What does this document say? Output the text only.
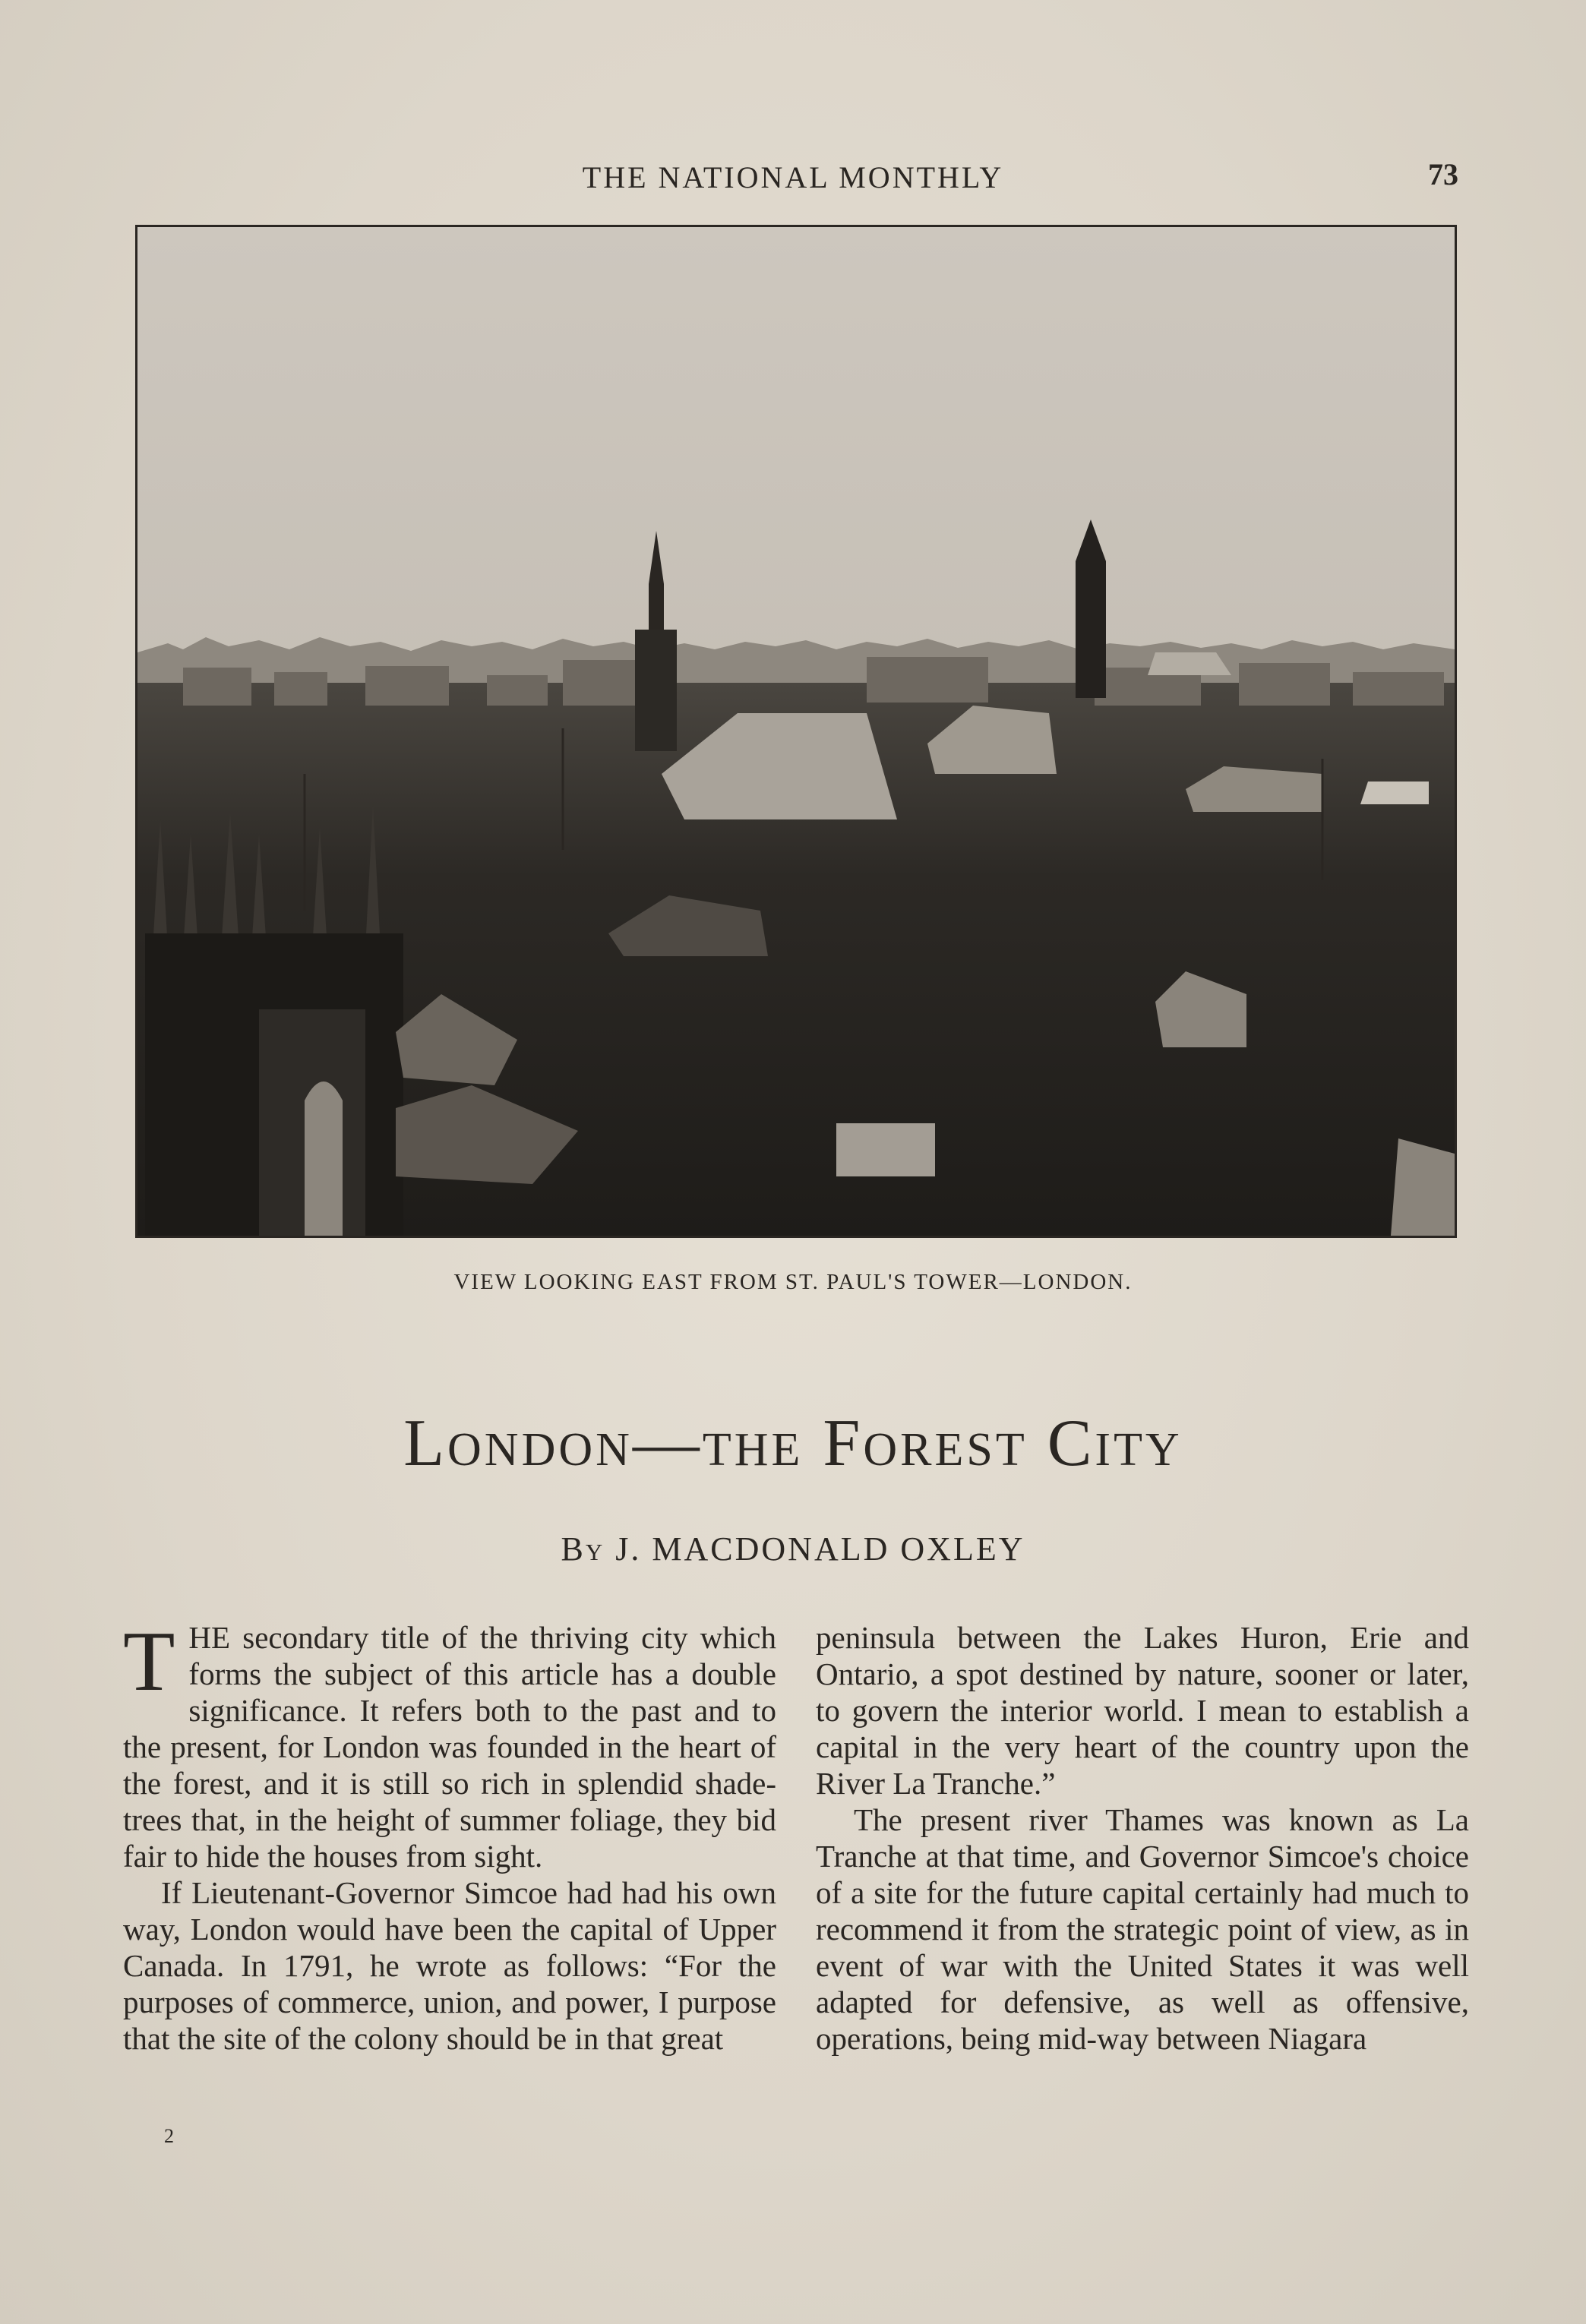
THE NATIONAL MONTHLY	73
VIEW LOOKING EAST FROM ST. PAUL'S TOWER—LONDON.
London—the Forest City
By J. MACDONALD OXLEY

THE secondary title of the thriving city which forms the subject of this article has a double significance. It refers both to the past and to the present, for London was founded in the heart of the forest, and it is still so rich in splendid shade-trees that, in the height of summer foliage, they bid fair to hide the houses from sight.

If Lieutenant-Governor Simcoe had had his own way, London would have been the capital of Upper Canada. In 1791, he wrote as follows: “For the purposes of commerce, union, and power, I purpose that the site of the colony should be in that great

peninsula between the Lakes Huron, Erie and Ontario, a spot destined by nature, sooner or later, to govern the interior world. I mean to establish a capital in the very heart of the country upon the River La Tranche.”

The present river Thames was known as La Tranche at that time, and Governor Simcoe's choice of a site for the future capital certainly had much to recommend it from the strategic point of view, as in event of war with the United States it was well adapted for defensive, as well as offensive, operations, being mid-way between Niagara

2
